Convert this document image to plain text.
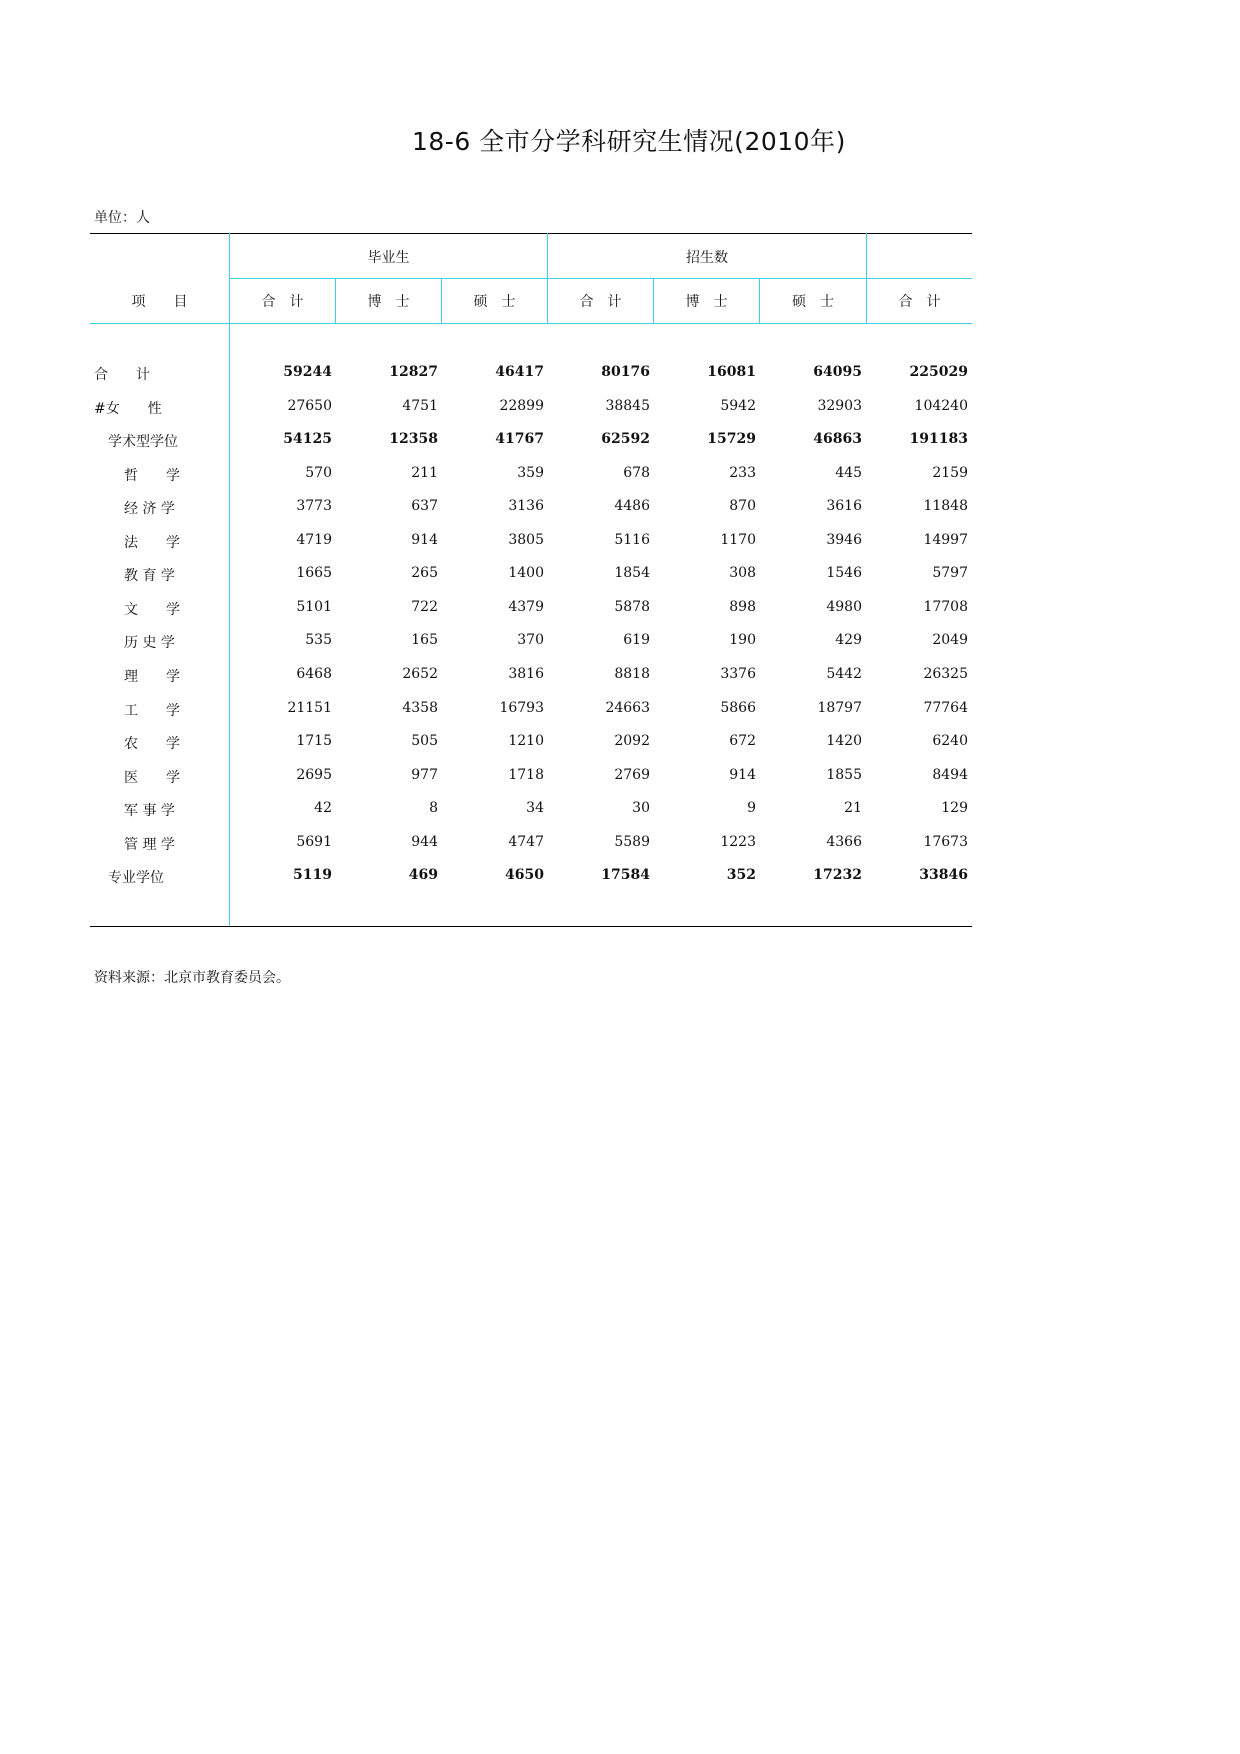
18-6 全市分学科研究生情况(2010年)
单位：人
项　　目
毕业生	招生数
合　计	博　士	硕　士	合　计	博　士	硕　士	合　计
合　　计	59244	12827	46417	80176	16081	64095	225029
#女　　性	27650	4751	22899	38845	5942	32903	104240
学术型学位	54125	12358	41767	62592	15729	46863	191183
哲　　学	570	211	359	678	233	445	2159
经 济 学	3773	637	3136	4486	870	3616	11848
法　　学	4719	914	3805	5116	1170	3946	14997
教 育 学	1665	265	1400	1854	308	1546	5797
文　　学	5101	722	4379	5878	898	4980	17708
历 史 学	535	165	370	619	190	429	2049
理　　学	6468	2652	3816	8818	3376	5442	26325
工　　学	21151	4358	16793	24663	5866	18797	77764
农　　学	1715	505	1210	2092	672	1420	6240
医　　学	2695	977	1718	2769	914	1855	8494
军 事 学	42	8	34	30	9	21	129
管 理 学	5691	944	4747	5589	1223	4366	17673
专业学位	5119	469	4650	17584	352	17232	33846
资料来源：北京市教育委员会。
